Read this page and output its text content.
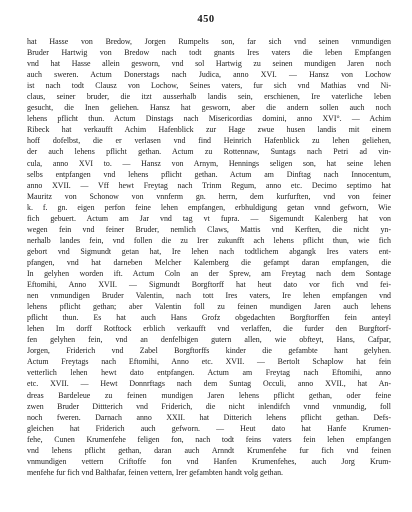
450
hat Hasse von Bredow, Jorgen Rumpelts son, far sich vnd seinen vnmundigen
Bruder Hartwig von Bredow nach todt gnants Ires vaters die leben Empfangen
vnd hat Hasse allein gesworn, vnd sol Hartwig zu seinen mundigen Jaren noch
auch sweren. Actum Donerstags nach Judica, anno XVI. — Hansz von Lochow
ist nach todt Clausz von Lochow, Seines vaters, fur sich vnd Mathias vnd Ni-
claus, seiner bruder, die itzt ausserhalb landis sein, erschienen, Ire vaterliche leben
gesucht, die Inen geliehen. Hansz hat gesworn, aber die andern sollen auch noch
lehens pflicht thun. Actum Dinstags nach Misericordias domini, anno XVI°. — Achim
Ribeck hat verkaufft Achim Hafenblick zur Hage zwue husen landis mit einem
hoff dofelbst, die er verlasen vnd find Heinrich Hafenblick zu lehen geliehen,
der auch lehens pflicht gethan. Actum zu Rottennaw, Suntags nach Petri ad vin-
cula, anno XVI to. — Hansz von Arnym, Hennings seligen son, hat seine lehen
selbs entpfangen vnd lehens pflicht gethan. Actum am Dinftag nach Innocentum,
anno XVII. — Vff hewt Freytag nach Trinm Regum, anno etc. Decimo septimo hat
Mauritz von Schonow von vnnferm gn. herrn, dem kurfurften, vnd von feiner
k. f. gn. eigen perfon feine lehen empfangen, erbhuldigung getan vnnd gefworn, Wie
fich gebuert. Actum am Jar vnd tag vt fupra. — Sigemundt Kalenberg hat von
wegen fein vnd feiner Bruder, nemlich Claws, Mattis vnd Kerften, die nicht yn-
nerhalb landes fein, vnd follen die zu Irer zukunfft ach lehens pflicht thun, wie fich
gebort vnd Sigmundt getan hat, Ire lehen nach todtlichem abgangk Ires vaters ent-
pfangen, vnd hat darneben Melcher Kalemberg die gefampt daran empfangen, die
In gelyhen worden ift. Actum Coln an der Sprew, am Freytag nach dem Sontage
Eftomihi, Anno XVII. — Sigmundt Borgftorff hat heut dato vor fich vnd fei-
nen vnmundigen Bruder Valentin, nach tott Ires vaters, Ire lehen empfangen vnd
lehens pflicht gethan; aber Valentin foll zu feinen mundigen Jaren auch lehens
pflicht thun. Es hat auch Hans Grofz obgedachten Borgftorffen fein anteyl
lehen Im dorff Rotftock erblich verkaufft vnd verlaffen, die furder den Burgftorf-
fen gelyhen fein, vnd an denfelbigen gutern allen, wie obfteyt, Hans, Cafpar,
Jorgen, Friderich vnd Zabel Borgftorffs kinder die gefambte hant gelyhen.
Actum Freytags nach Eftomihi, Anno etc. XVII. — Bertolt Schaplow hat fein
vetterlich lehen hewt dato entpfangen. Actum am Freytag nach Eftomihi, anno
etc. XVII. — Hewt Donnrftags nach dem Suntag Occuli, anno XVII., hat An-
dreas Bardeleue zu feinen mundigen Jaren lehens pflicht gethan, oder feine
zwen Bruder Dittterich vnd Friderich, die nicht inlendifch vnnd vnmundig, foll
noch fweren. Darnach anno XXII. hat Ditterich lehens pflicht gethan. Defs-
gleichen hat Friderich auch gefworn. — Heut dato hat Hanfe Krumen-
fehe, Cunen Krumenfehe feligen fon, nach todt feins vaters fein lehen empfangen
vnd lehens pflicht gethan, daran auch Arnndt Krumenfehe fur fich vnd feinen
vnmundigen vettern Criftoffe fon vnd Hanfen Krumenfehes, auch Jorg Krum-
menfehe fur fich vnd Balthafar, feinen vettern, Irer gefambten handt volg gethan.
